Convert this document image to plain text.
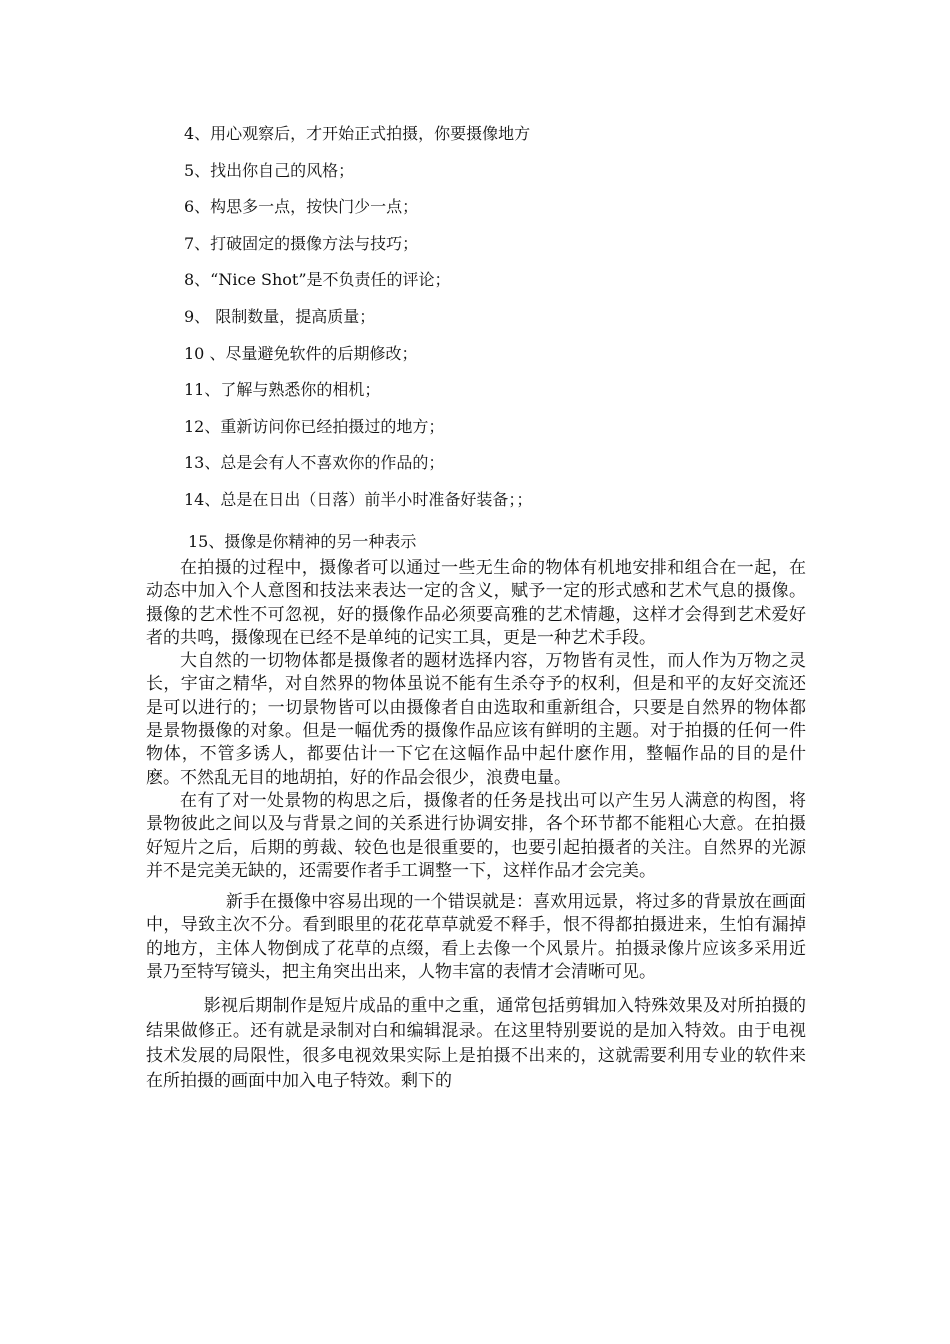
4、用心观察后，才开始正式拍摄，你要摄像地方
5、找出你自己的风格；
6、构思多一点，按快门少一点；
7、打破固定的摄像方法与技巧；
8、“Nice Shot”是不负责任的评论；
9、 限制数量，提高质量；
10 、尽量避免软件的后期修改；
11、了解与熟悉你的相机；
12、重新访问你已经拍摄过的地方；
13、总是会有人不喜欢你的作品的；
14、总是在日出（日落）前半小时准备好装备；；
15、摄像是你精神的另一种表示

在拍摄的过程中，摄像者可以通过一些无生命的物体有机地安排和组合在一起，在动态中加入个人意图和技法来表达一定的含义，赋予一定的形式感和艺术气息的摄像。摄像的艺术性不可忽视，好的摄像作品必须要高雅的艺术情趣，这样才会得到艺术爱好者的共鸣，摄像现在已经不是单纯的记实工具，更是一种艺术手段。

大自然的一切物体都是摄像者的题材选择内容，万物皆有灵性，而人作为万物之灵长，宇宙之精华，对自然界的物体虽说不能有生杀夺予的权利，但是和平的友好交流还是可以进行的；一切景物皆可以由摄像者自由选取和重新组合，只要是自然界的物体都是景物摄像的对象。但是一幅优秀的摄像作品应该有鲜明的主题。对于拍摄的任何一件物体，不管多诱人，都要估计一下它在这幅作品中起什麽作用，整幅作品的目的是什麽。不然乱无目的地胡拍，好的作品会很少，浪费电量。

在有了对一处景物的构思之后，摄像者的任务是找出可以产生另人满意的构图，将景物彼此之间以及与背景之间的关系进行协调安排，各个环节都不能粗心大意。在拍摄好短片之后，后期的剪裁、较色也是很重要的，也要引起拍摄者的关注。自然界的光源并不是完美无缺的，还需要作者手工调整一下，这样作品才会完美。

新手在摄像中容易出现的一个错误就是：喜欢用远景，将过多的背景放在画面中，导致主次不分。看到眼里的花花草草就爱不释手，恨不得都拍摄进来，生怕有漏掉的地方，主体人物倒成了花草的点缀，看上去像一个风景片。拍摄录像片应该多采用近景乃至特写镜头，把主角突出出来，人物丰富的表情才会清晰可见。

影视后期制作是短片成品的重中之重，通常包括剪辑加入特殊效果及对所拍摄的结果做修正。还有就是录制对白和编辑混录。在这里特别要说的是加入特效。由于电视技术发展的局限性，很多电视效果实际上是拍摄不出来的，这就需要利用专业的软件来在所拍摄的画面中加入电子特效。剩下的
